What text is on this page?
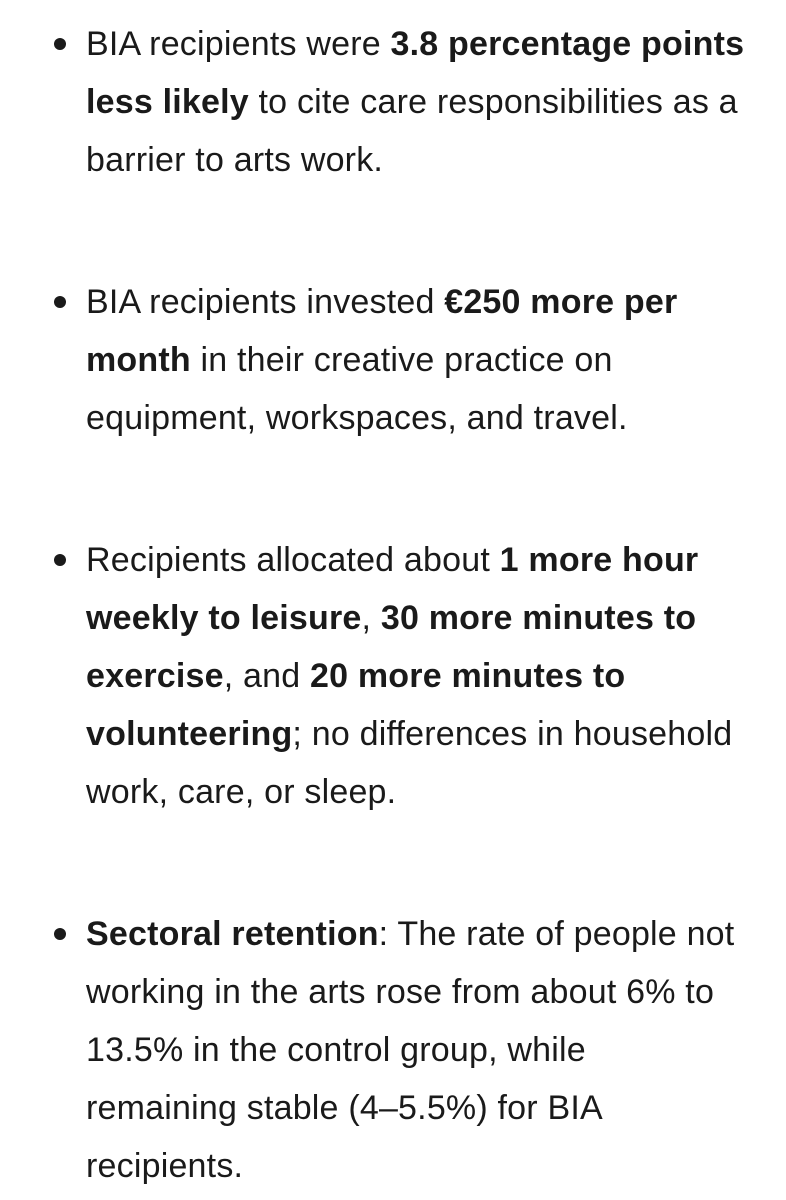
BIA recipients were 3.8 percentage points less likely to cite care responsibilities as a barrier to arts work.

BIA recipients invested €250 more per month in their creative practice on equipment, workspaces, and travel.

Recipients allocated about 1 more hour weekly to leisure, 30 more minutes to exercise, and 20 more minutes to volunteering; no differences in household work, care, or sleep.

Sectoral retention: The rate of people not working in the arts rose from about 6% to 13.5% in the control group, while remaining stable (4–5.5%) for BIA recipients.
